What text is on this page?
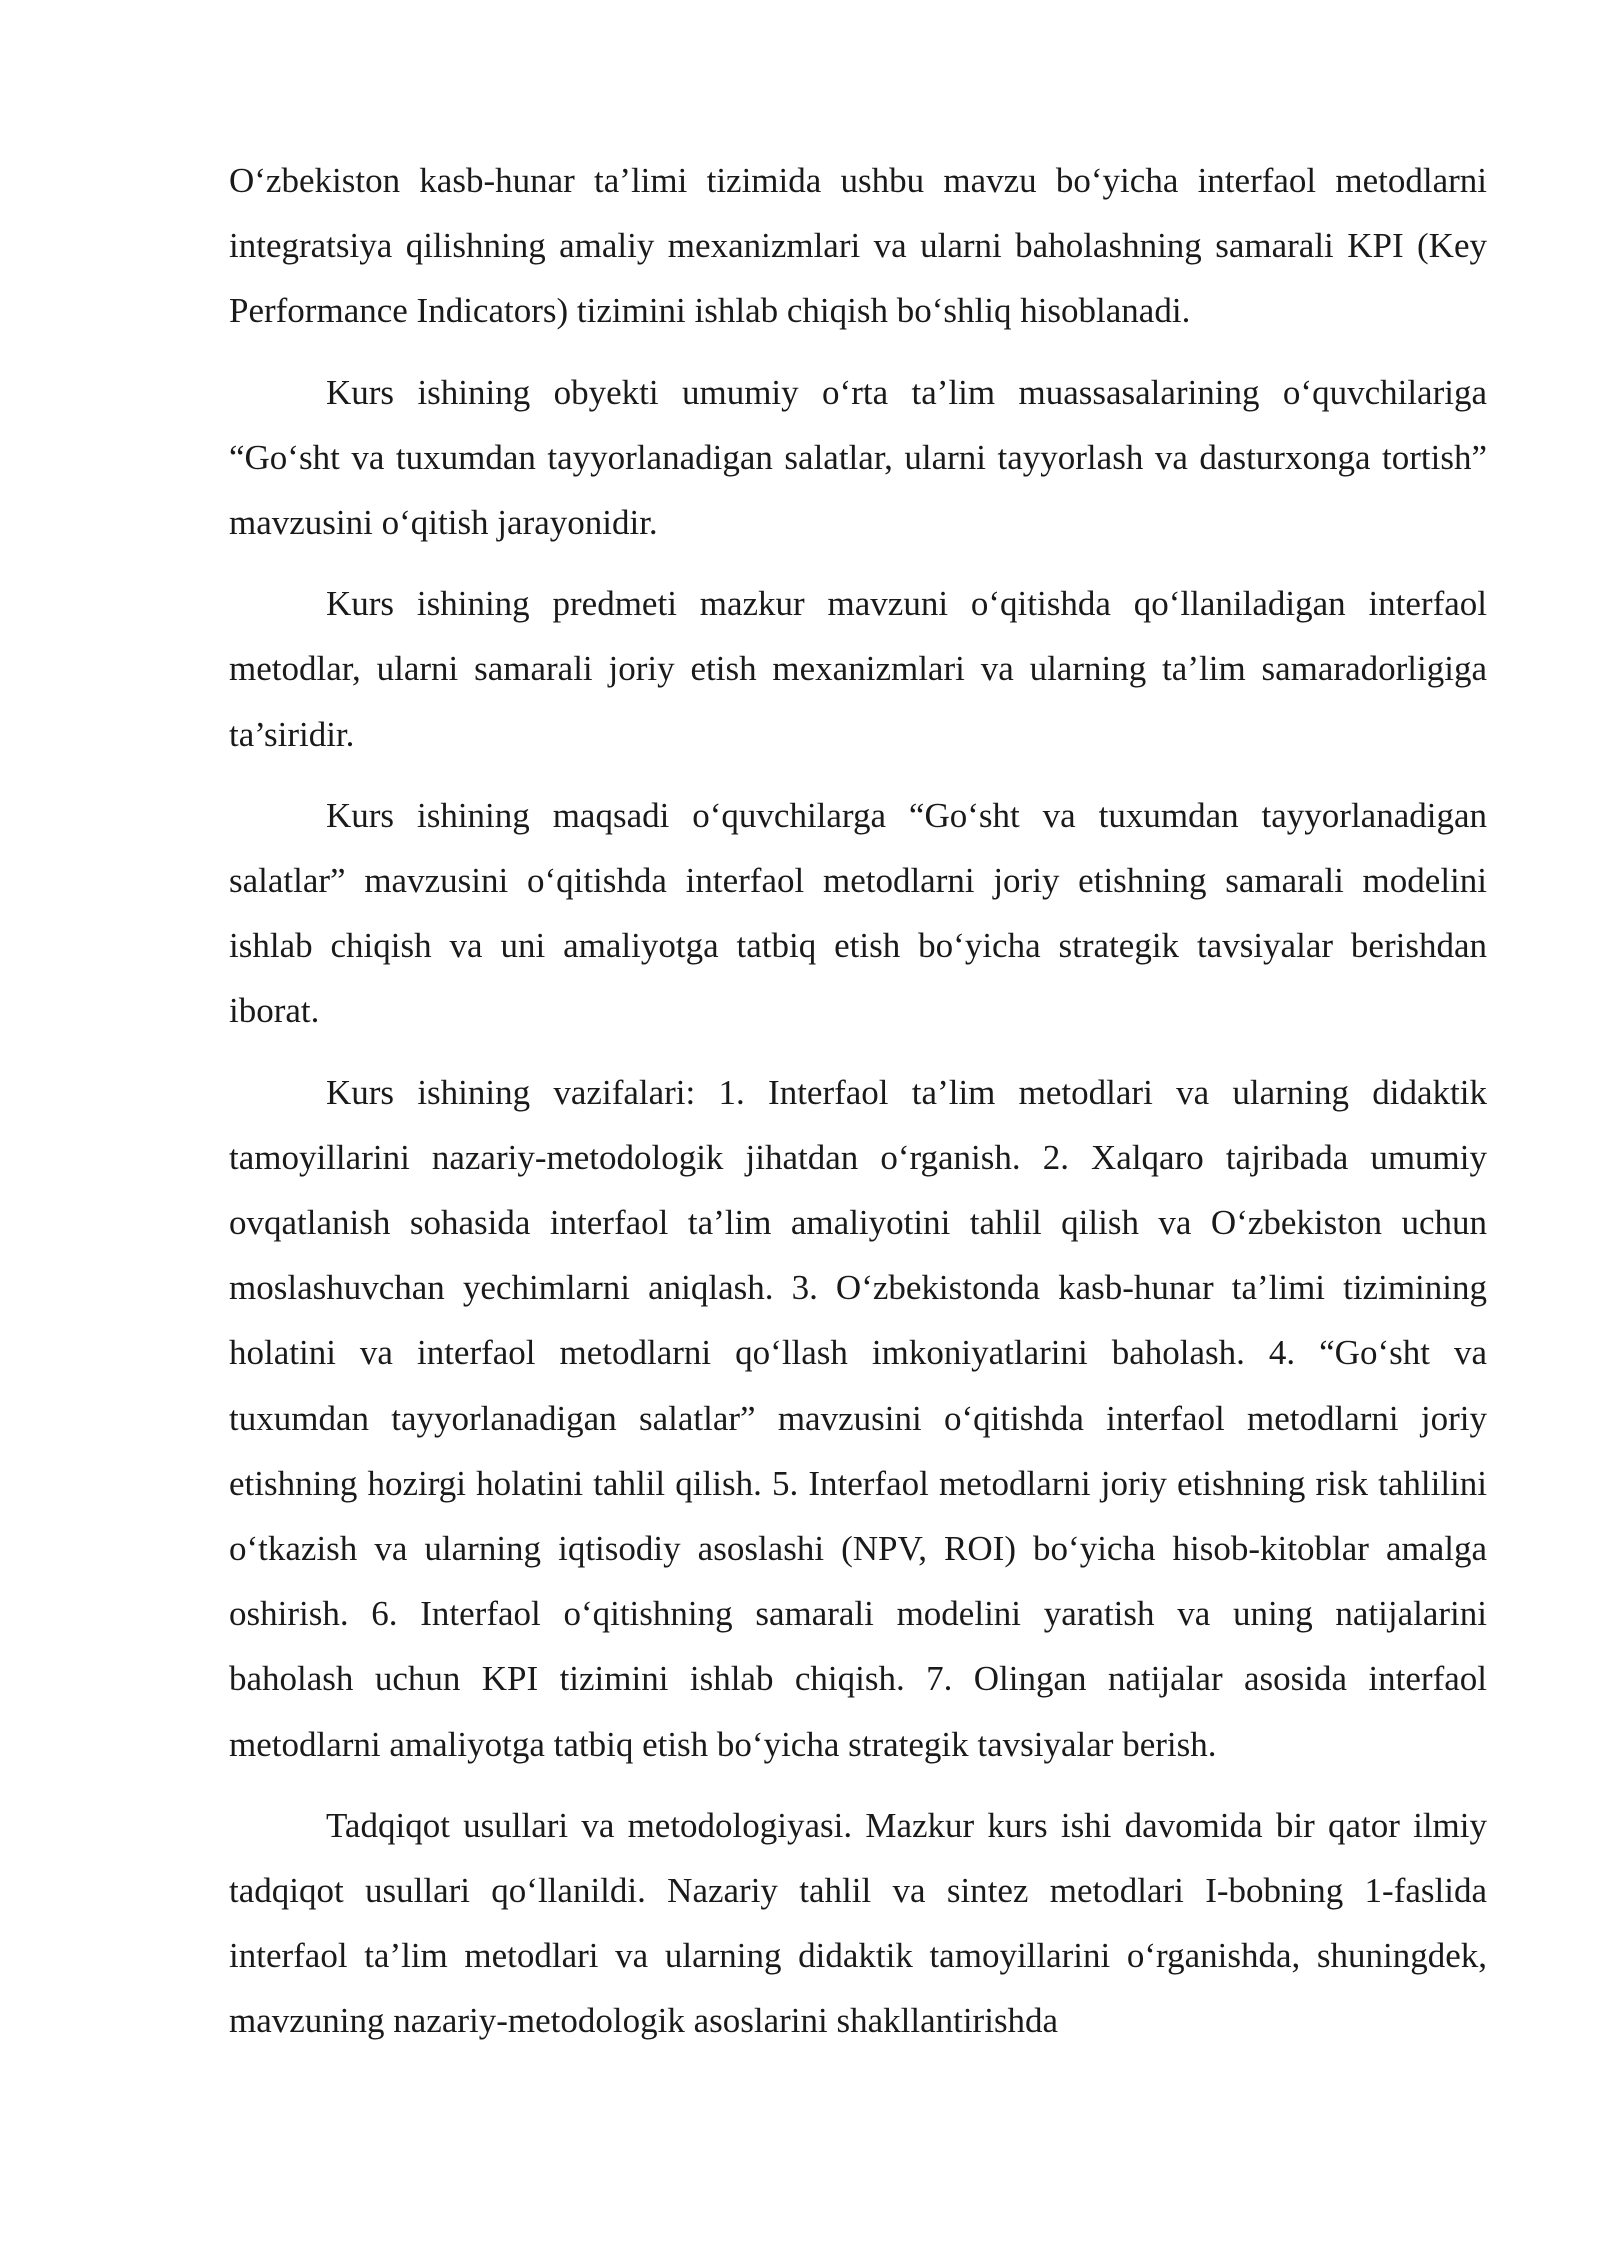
O‘zbekiston kasb-hunar ta’limi tizimida ushbu mavzu bo‘yicha interfaol metodlarni integratsiya qilishning amaliy mexanizmlari va ularni baholashning samarali KPI (Key Performance Indicators) tizimini ishlab chiqish bo‘shliq hisoblanadi.

Kurs ishining obyekti umumiy o‘rta ta’lim muassasalarining o‘quvchilariga “Go‘sht va tuxumdan tayyorlanadigan salatlar, ularni tayyorlash va dasturxonga tortish” mavzusini o‘qitish jarayonidir.

Kurs ishining predmeti mazkur mavzuni o‘qitishda qo‘llaniladigan interfaol metodlar, ularni samarali joriy etish mexanizmlari va ularning ta’lim samaradorligiga ta’siridir.

Kurs ishining maqsadi o‘quvchilarga “Go‘sht va tuxumdan tayyorlanadigan salatlar” mavzusini o‘qitishda interfaol metodlarni joriy etishning samarali modelini ishlab chiqish va uni amaliyotga tatbiq etish bo‘yicha strategik tavsiyalar berishdan iborat.

Kurs ishining vazifalari: 1. Interfaol ta’lim metodlari va ularning didaktik tamoyillarini nazariy-metodologik jihatdan o‘rganish. 2. Xalqaro tajribada umumiy ovqatlanish sohasida interfaol ta’lim amaliyotini tahlil qilish va O‘zbekiston uchun moslashuvchan yechimlarni aniqlash. 3. O‘zbekistonda kasb-hunar ta’limi tizimining holatini va interfaol metodlarni qo‘llash imkoniyatlarini baholash. 4. “Go‘sht va tuxumdan tayyorlanadigan salatlar” mavzusini o‘qitishda interfaol metodlarni joriy etishning hozirgi holatini tahlil qilish. 5. Interfaol metodlarni joriy etishning risk tahlilini o‘tkazish va ularning iqtisodiy asoslashi (NPV, ROI) bo‘yicha hisob-kitoblar amalga oshirish. 6. Interfaol o‘qitishning samarali modelini yaratish va uning natijalarini baholash uchun KPI tizimini ishlab chiqish. 7. Olingan natijalar asosida interfaol metodlarni amaliyotga tatbiq etish bo‘yicha strategik tavsiyalar berish.

Tadqiqot usullari va metodologiyasi. Mazkur kurs ishi davomida bir qator ilmiy tadqiqot usullari qo‘llanildi. Nazariy tahlil va sintez metodlari I-bobning 1-faslida interfaol ta’lim metodlari va ularning didaktik tamoyillarini o‘rganishda, shuningdek, mavzuning nazariy-metodologik asoslarini shakllantirishda
